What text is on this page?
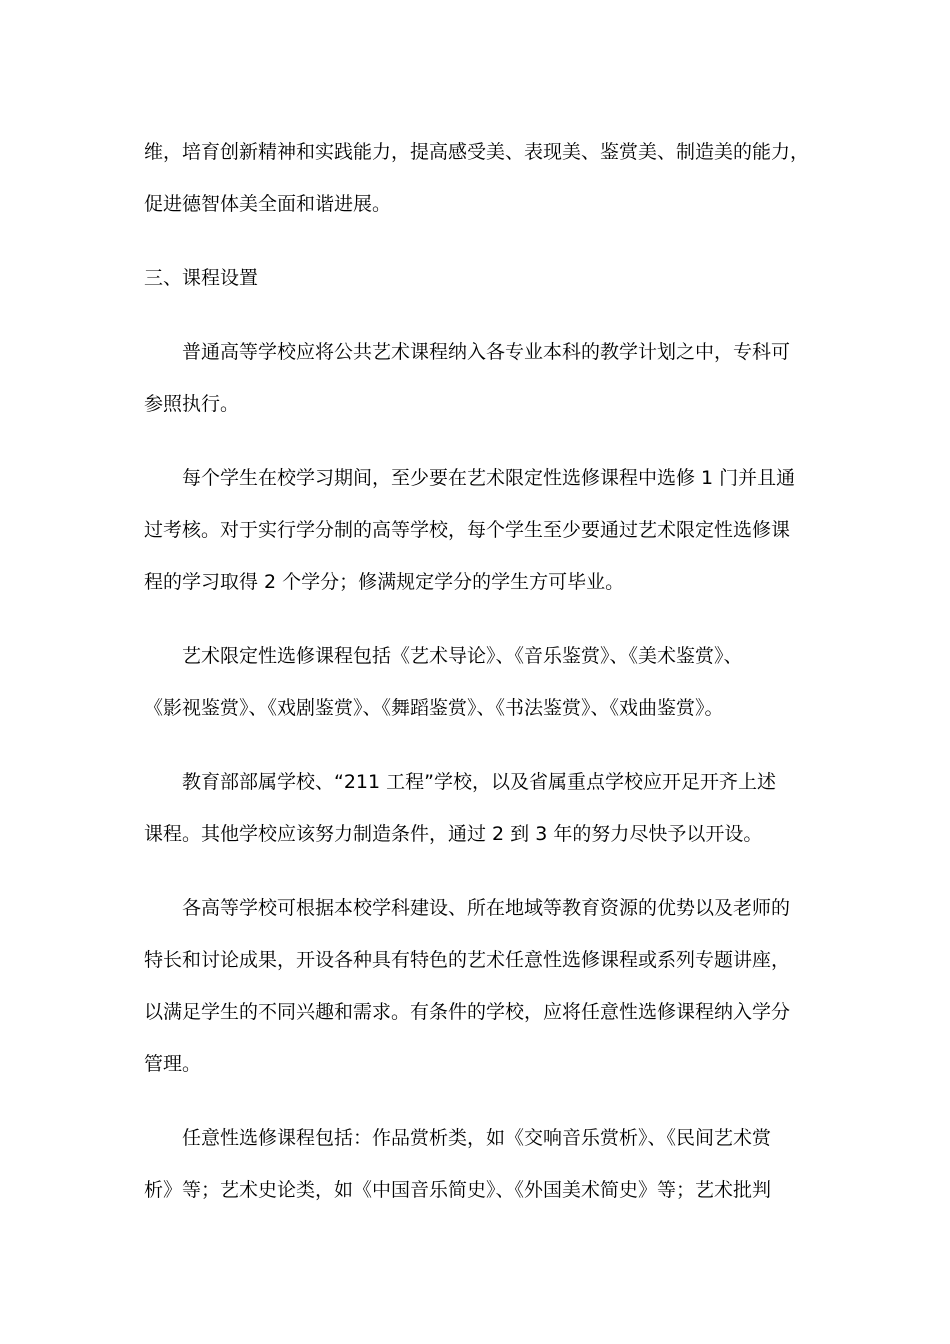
维，培育创新精神和实践能力，提高感受美、表现美、鉴赏美、制造美的能力，
促进德智体美全面和谐进展。
三、课程设置
普通高等学校应将公共艺术课程纳入各专业本科的教学计划之中，专科可
参照执行。
每个学生在校学习期间，至少要在艺术限定性选修课程中选修 1 门并且通
过考核。对于实行学分制的高等学校，每个学生至少要通过艺术限定性选修课
程的学习取得 2 个学分；修满规定学分的学生方可毕业。
艺术限定性选修课程包括《艺术导论》、《音乐鉴赏》、《美术鉴赏》、
《影视鉴赏》、《戏剧鉴赏》、《舞蹈鉴赏》、《书法鉴赏》、《戏曲鉴赏》。
教育部部属学校、“211 工程”学校，以及省属重点学校应开足开齐上述
课程。其他学校应该努力制造条件，通过 2 到 3 年的努力尽快予以开设。
各高等学校可根据本校学科建设、所在地域等教育资源的优势以及老师的
特长和讨论成果，开设各种具有特色的艺术任意性选修课程或系列专题讲座，
以满足学生的不同兴趣和需求。有条件的学校，应将任意性选修课程纳入学分
管理。
任意性选修课程包括：作品赏析类，如《交响音乐赏析》、《民间艺术赏
析》等；艺术史论类，如《中国音乐简史》、《外国美术简史》等；艺术批判
